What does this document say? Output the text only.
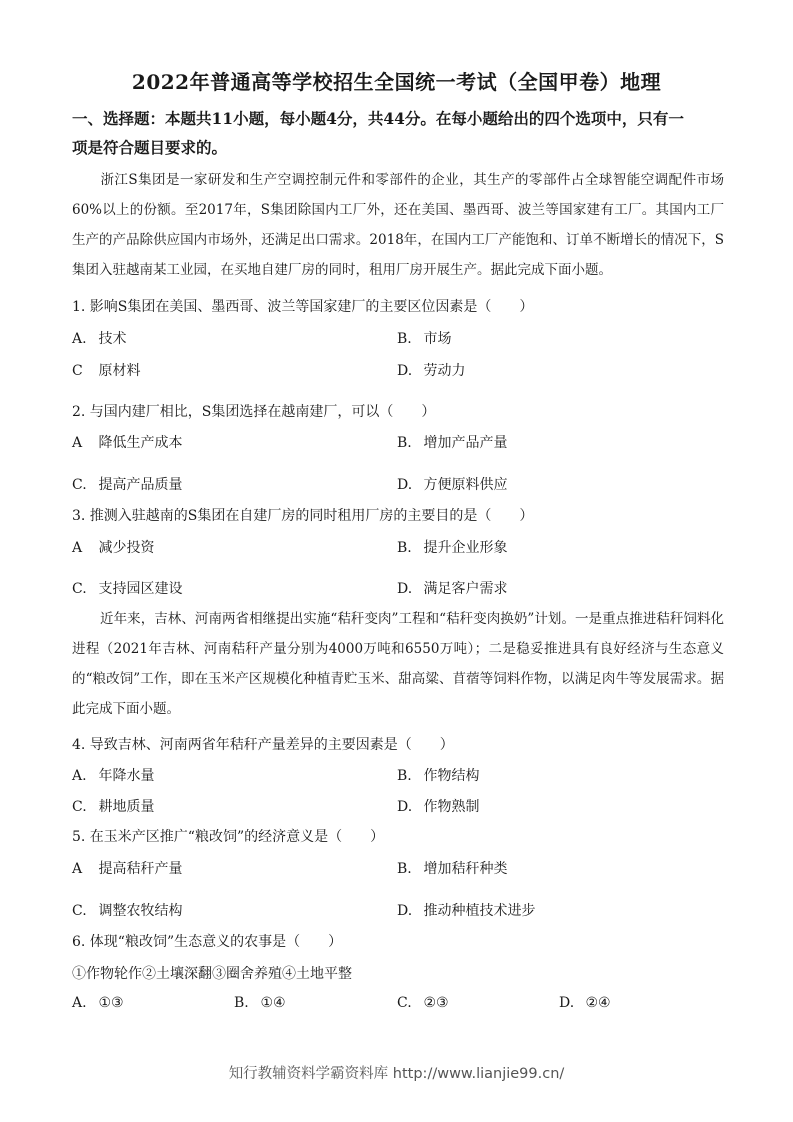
2022年普通高等学校招生全国统一考试（全国甲卷）地理
一、选择题：本题共11小题，每小题4分，共44分。在每小题给出的四个选项中，只有一
项是符合题目要求的。
浙江S集团是一家研发和生产空调控制元件和零部件的企业，其生产的零部件占全球智能空调配件市场60%以上的份额。至2017年，S集团除国内工厂外，还在美国、墨西哥、波兰等国家建有工厂。其国内工厂生产的产品除供应国内市场外，还满足出口需求。2018年，在国内工厂产能饱和、订单不断增长的情况下，S集团入驻越南某工业园，在买地自建厂房的同时，租用厂房开展生产。据此完成下面小题。
1. 影响S集团在美国、墨西哥、波兰等国家建厂的主要区位因素是（　　）
A. 技术	B. 市场
C 原材料	D. 劳动力
2. 与国内建厂相比，S集团选择在越南建厂，可以（　　）
A 降低生产成本	B. 增加产品产量
C. 提高产品质量	D. 方便原料供应
3. 推测入驻越南的S集团在自建厂房的同时租用厂房的主要目的是（　　）
A 减少投资	B. 提升企业形象
C. 支持园区建设	D. 满足客户需求
近年来，吉林、河南两省相继提出实施“秸秆变肉”工程和“秸秆变肉换奶”计划。一是重点推进秸秆饲料化进程（2021年吉林、河南秸秆产量分别为4000万吨和6550万吨）；二是稳妥推进具有良好经济与生态意义的“粮改饲”工作，即在玉米产区规模化种植青贮玉米、甜高粱、苜蓿等饲料作物，以满足肉牛等发展需求。据此完成下面小题。
4. 导致吉林、河南两省年秸秆产量差异的主要因素是（　　）
A. 年降水量	B. 作物结构
C. 耕地质量	D. 作物熟制
5. 在玉米产区推广“粮改饲”的经济意义是（　　）
A 提高秸秆产量	B. 增加秸秆种类
C. 调整农牧结构	D. 推动种植技术进步
6. 体现“粮改饲”生态意义的农事是（　　）
①作物轮作②土壤深翻③圈舍养殖④土地平整
A. ①③	B. ①④	C. ②③	D. ②④
知行教辅资料学霸资料库 http://www.lianjie99.cn/
